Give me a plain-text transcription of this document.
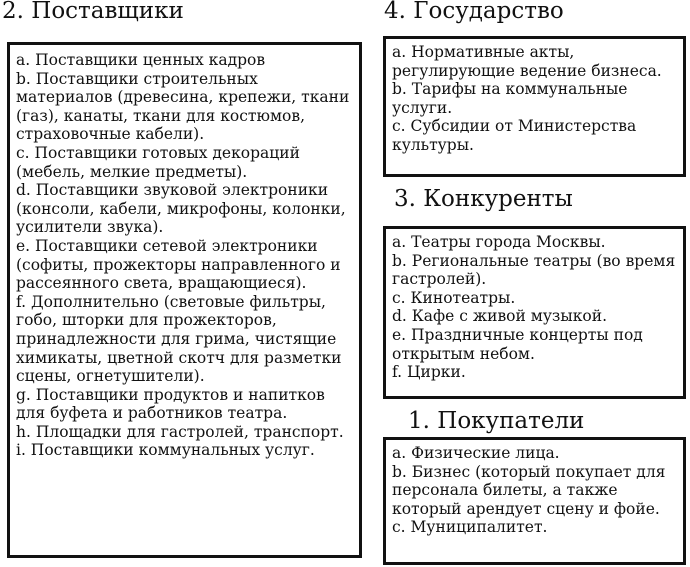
2. Поставщики

a. Поставщики ценных кадров

b. Поставщики строительных материалов (древесина, крепежи, ткани (газ), канаты, ткани для костюмов, страховочные кабели).

c. Поставщики готовых декораций (мебель, мелкие предметы).

d. Поставщики звуковой электроники (консоли, кабели, микрофоны, колонки, усилители звука).

e. Поставщики сетевой электроники (софиты, прожекторы направленного и рассеянного света, вращающиеся).

f. Дополнительно (световые фильтры, гобо, шторки для прожекторов, принадлежности для грима, чистящие химикаты, цветной скотч для разметки сцены, огнетушители).

g. Поставщики продуктов и напитков для буфета и работников театра.

h. Площадки для гастролей, транспорт.

i. Поставщики коммунальных услуг.

4. Государство

a. Нормативные акты, регулирующие ведение бизнеса.

b. Тарифы на коммунальные услуги.

c. Субсидии от Министерства культуры.

3. Конкуренты

a. Театры города Москвы.

b. Региональные театры (во время гастролей).

c. Кинотеатры.

d. Кафе с живой музыкой.

e. Праздничные концерты под открытым небом.

f. Цирки.

1. Покупатели

a. Физические лица.

b. Бизнес (который покупает для персонала билеты, а также который арендует сцену и фойе.

c. Муниципалитет.
